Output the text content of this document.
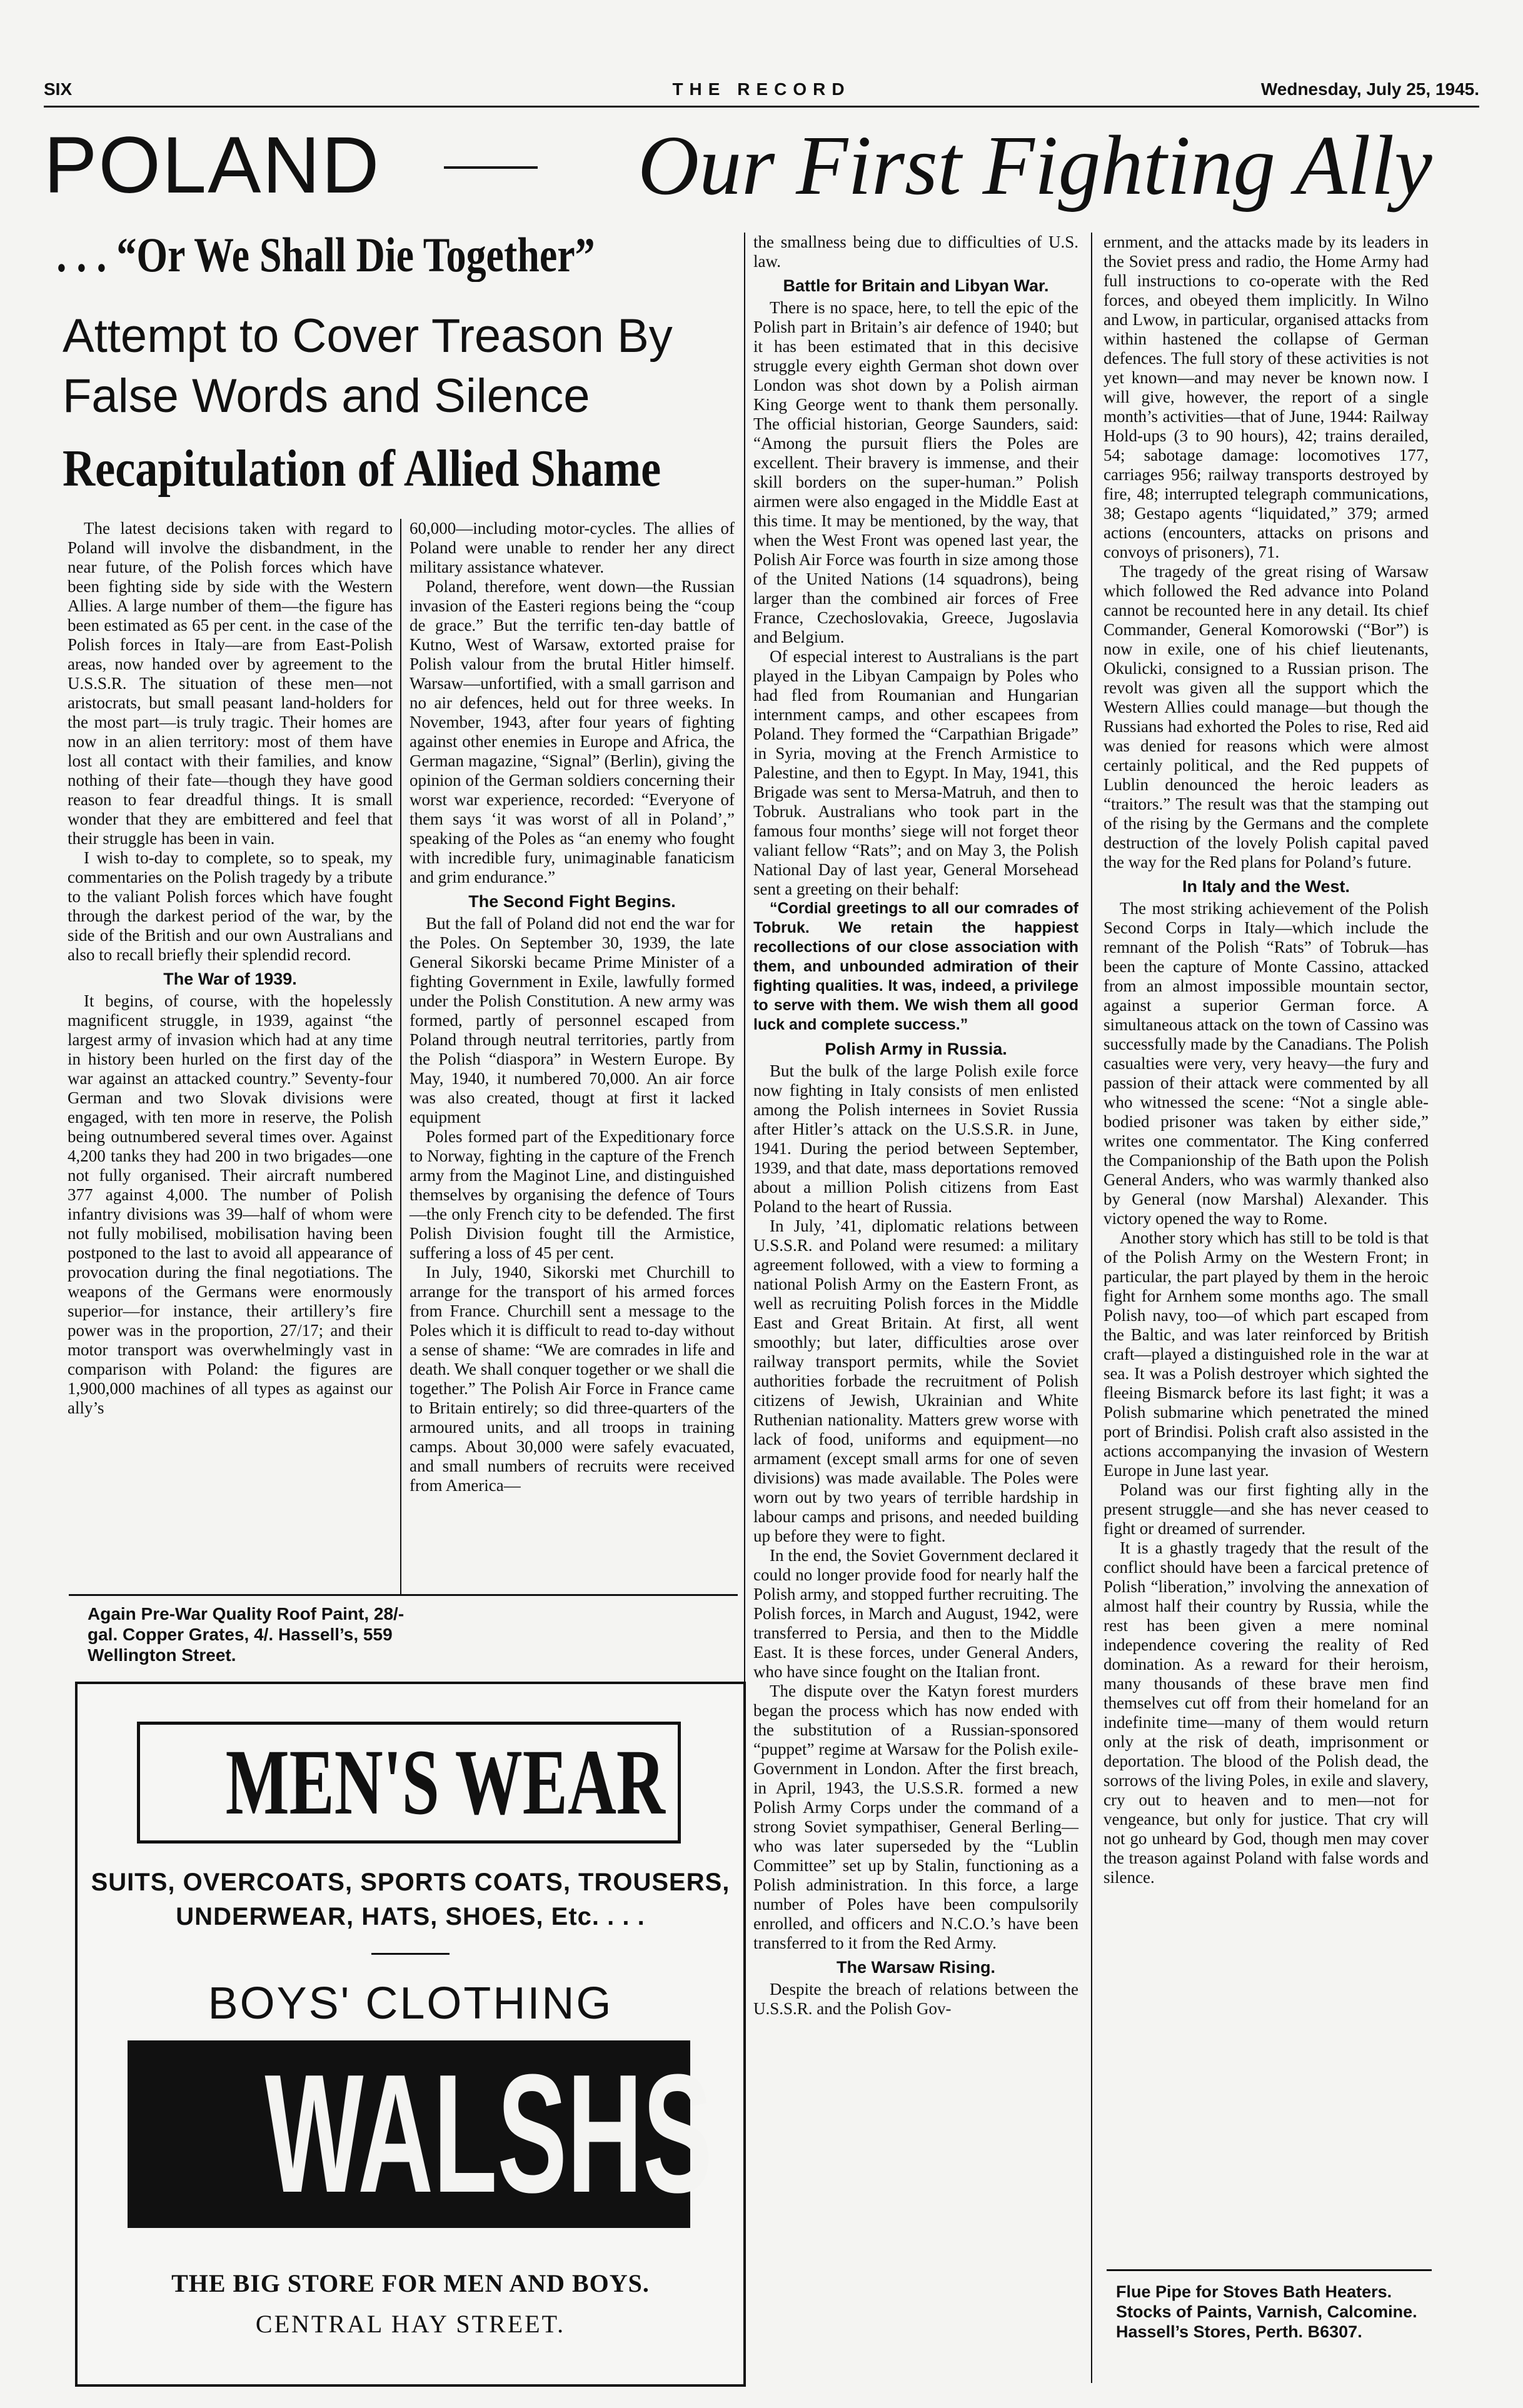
SIX	THE RECORD	Wednesday, July 25, 1945.
POLAND	Our First Fighting Ally
. . . “Or We Shall Die Together”
Attempt to Cover Treason By False Words and Silence
Recapitulation of Allied Shame

The latest decisions taken with regard to Poland will involve the disbandment, in the near future, of the Polish forces which have been fighting side by side with the Western Allies. A large number of them—the figure has been estimated as 65 per cent. in the case of the Polish forces in Italy—are from East-Polish areas, now handed over by agreement to the U.S.S.R. The situation of these men—not aristocrats, but small peasant land-holders for the most part—is truly tragic. Their homes are now in an alien territory: most of them have lost all contact with their families, and know nothing of their fate—though they have good reason to fear dreadful things. It is small wonder that they are embittered and feel that their struggle has been in vain.

I wish to-day to complete, so to speak, my commentaries on the Polish tragedy by a tribute to the valiant Polish forces which have fought through the darkest period of the war, by the side of the British and our own Australians and also to recall briefly their splendid record.

The War of 1939.

It begins, of course, with the hopelessly magnificent struggle, in 1939, against “the largest army of invasion which had at any time in history been hurled on the first day of the war against an attacked country.” Seventy-four German and two Slovak divisions were engaged, with ten more in reserve, the Polish being outnumbered several times over. Against 4,200 tanks they had 200 in two brigades—one not fully organised. Their aircraft numbered 377 against 4,000. The number of Polish infantry divisions was 39—half of whom were not fully mobilised, mobilisation having been postponed to the last to avoid all appearance of provocation during the final negotiations. The weapons of the Germans were enormously superior—for instance, their artillery’s fire power was in the proportion, 27/17; and their motor transport was overwhelmingly vast in comparison with Poland: the figures are 1,900,000 machines of all types as against our ally’s

60,000—including motor-cycles. The allies of Poland were unable to render her any direct military assistance whatever.

Poland, therefore, went down—the Russian invasion of the Easteri regions being the “coup de grace.” But the terrific ten-day battle of Kutno, West of Warsaw, extorted praise for Polish valour from the brutal Hitler himself. Warsaw—unfortified, with a small garrison and no air defences, held out for three weeks. In November, 1943, after four years of fighting against other enemies in Europe and Africa, the German magazine, “Signal” (Berlin), giving the opinion of the German soldiers concerning their worst war experience, recorded: “Everyone of them says ‘it was worst of all in Poland’,” speaking of the Poles as “an enemy who fought with incredible fury, unimaginable fanaticism and grim endurance.”

The Second Fight Begins.

But the fall of Poland did not end the war for the Poles. On September 30, 1939, the late General Sikorski became Prime Minister of a fighting Government in Exile, lawfully formed under the Polish Constitution. A new army was formed, partly of personnel escaped from Poland through neutral territories, partly from the Polish “diaspora” in Western Europe. By May, 1940, it numbered 70,000. An air force was also created, thougt at first it lacked equipment

Poles formed part of the Expeditionary force to Norway, fighting in the capture of the French army from the Maginot Line, and distinguished themselves by organising the defence of Tours—the only French city to be defended. The first Polish Division fought till the Armistice, suffering a loss of 45 per cent.

In July, 1940, Sikorski met Churchill to arrange for the transport of his armed forces from France. Churchill sent a message to the Poles which it is difficult to read to-day without a sense of shame: “We are comrades in life and death. We shall conquer together or we shall die together.” The Polish Air Force in France came to Britain entirely; so did three-quarters of the armoured units, and all troops in training camps. About 30,000 were safely evacuated, and small numbers of recruits were received from America—

the smallness being due to difficulties of U.S. law.

Battle for Britain and Libyan War.

There is no space, here, to tell the epic of the Polish part in Britain’s air defence of 1940; but it has been estimated that in this decisive struggle every eighth German shot down over London was shot down by a Polish airman King George went to thank them personally. The official historian, George Saunders, said: “Among the pursuit fliers the Poles are excellent. Their bravery is immense, and their skill borders on the super-human.” Polish airmen were also engaged in the Middle East at this time. It may be mentioned, by the way, that when the West Front was opened last year, the Polish Air Force was fourth in size among those of the United Nations (14 squadrons), being larger than the combined air forces of Free France, Czechoslovakia, Greece, Jugoslavia and Belgium.

Of especial interest to Australians is the part played in the Libyan Campaign by Poles who had fled from Roumanian and Hungarian internment camps, and other escapees from Poland. They formed the “Carpathian Brigade” in Syria, moving at the French Armistice to Palestine, and then to Egypt. In May, 1941, this Brigade was sent to Mersa-Matruh, and then to Tobruk. Australians who took part in the famous four months’ siege will not forget theor valiant fellow “Rats”; and on May 3, the Polish National Day of last year, General Morsehead sent a greeting on their behalf:

“Cordial greetings to all our comrades of Tobruk. We retain the happiest recollections of our close association with them, and unbounded admiration of their fighting qualities. It was, indeed, a privilege to serve with them. We wish them all good luck and complete success.”

Polish Army in Russia.

But the bulk of the large Polish exile force now fighting in Italy consists of men enlisted among the Polish internees in Soviet Russia after Hitler’s attack on the U.S.S.R. in June, 1941. During the period between September, 1939, and that date, mass deportations removed about a million Polish citizens from East Poland to the heart of Russia.

In July, ’41, diplomatic relations between U.S.S.R. and Poland were resumed: a military agreement followed, with a view to forming a national Polish Army on the Eastern Front, as well as recruiting Polish forces in the Middle East and Great Britain. At first, all went smoothly; but later, difficulties arose over railway transport permits, while the Soviet authorities forbade the recruitment of Polish citizens of Jewish, Ukrainian and White Ruthenian nationality. Matters grew worse with lack of food, uniforms and equipment—no armament (except small arms for one of seven divisions) was made available. The Poles were worn out by two years of terrible hardship in labour camps and prisons, and needed building up before they were to fight.

In the end, the Soviet Government declared it could no longer provide food for nearly half the Polish army, and stopped further recruiting. The Polish forces, in March and August, 1942, were transferred to Persia, and then to the Middle East. It is these forces, under General Anders, who have since fought on the Italian front.

The dispute over the Katyn forest murders began the process which has now ended with the substitution of a Russian-sponsored “puppet” regime at Warsaw for the Polish exile-Government in London. After the first breach, in April, 1943, the U.S.S.R. formed a new Polish Army Corps under the command of a strong Soviet sympathiser, General Berling—who was later superseded by the “Lublin Committee” set up by Stalin, functioning as a Polish administration. In this force, a large number of Poles have been compulsorily enrolled, and officers and N.C.O.’s have been transferred to it from the Red Army.

The Warsaw Rising.

Despite the breach of relations between the U.S.S.R. and the Polish Gov-

ernment, and the attacks made by its leaders in the Soviet press and radio, the Home Army had full instructions to co-operate with the Red forces, and obeyed them implicitly. In Wilno and Lwow, in particular, organised attacks from within hastened the collapse of German defences. The full story of these activities is not yet known—and may never be known now. I will give, however, the report of a single month’s activities—that of June, 1944: Railway Hold-ups (3 to 90 hours), 42; trains derailed, 54; sabotage damage: locomotives 177, carriages 956; railway transports destroyed by fire, 48; interrupted telegraph communications, 38; Gestapo agents “liquidated,” 379; armed actions (encounters, attacks on prisons and convoys of prisoners), 71.

The tragedy of the great rising of Warsaw which followed the Red advance into Poland cannot be recounted here in any detail. Its chief Commander, General Komorowski (“Bor”) is now in exile, one of his chief lieutenants, Okulicki, consigned to a Russian prison. The revolt was given all the support which the Western Allies could manage—but though the Russians had exhorted the Poles to rise, Red aid was denied for reasons which were almost certainly political, and the Red puppets of Lublin denounced the heroic leaders as “traitors.” The result was that the stamping out of the rising by the Germans and the complete destruction of the lovely Polish capital paved the way for the Red plans for Poland’s future.

In Italy and the West.

The most striking achievement of the Polish Second Corps in Italy—which include the remnant of the Polish “Rats” of Tobruk—has been the capture of Monte Cassino, attacked from an almost impossible mountain sector, against a superior German force. A simultaneous attack on the town of Cassino was successfully made by the Canadians. The Polish casualties were very, very heavy—the fury and passion of their attack were commented by all who witnessed the scene: “Not a single able-bodied prisoner was taken by either side,” writes one commentator. The King conferred the Companionship of the Bath upon the Polish General Anders, who was warmly thanked also by General (now Marshal) Alexander. This victory opened the way to Rome.

Another story which has still to be told is that of the Polish Army on the Western Front; in particular, the part played by them in the heroic fight for Arnhem some months ago. The small Polish navy, too—of which part escaped from the Baltic, and was later reinforced by British craft—played a distinguished role in the war at sea. It was a Polish destroyer which sighted the fleeing Bismarck before its last fight; it was a Polish submarine which penetrated the mined port of Brindisi. Polish craft also assisted in the actions accompanying the invasion of Western Europe in June last year.

Poland was our first fighting ally in the present struggle—and she has never ceased to fight or dreamed of surrender.

It is a ghastly tragedy that the result of the conflict should have been a farcical pretence of Polish “liberation,” involving the annexation of almost half their country by Russia, while the rest has been given a mere nominal independence covering the reality of Red domination. As a reward for their heroism, many thousands of these brave men find themselves cut off from their homeland for an indefinite time—many of them would return only at the risk of death, imprisonment or deportation. The blood of the Polish dead, the sorrows of the living Poles, in exile and slavery, cry out to heaven and to men—not for vengeance, but only for justice. That cry will not go unheard by God, though men may cover the treason against Poland with false words and silence.

Again Pre-War Quality Roof Paint, 28/- gal. Copper Grates, 4/. Hassell’s, 559 Wellington Street.
MEN'S WEAR
SUITS, OVERCOATS, SPORTS COATS, TROUSERS,
UNDERWEAR, HATS, SHOES, Etc. . . .
BOYS' CLOTHING
WALSHS
THE BIG STORE FOR MEN AND BOYS.
CENTRAL HAY STREET.
Flue Pipe for Stoves Bath Heaters. Stocks of Paints, Varnish, Calcomine. Hassell’s Stores, Perth. B6307.
